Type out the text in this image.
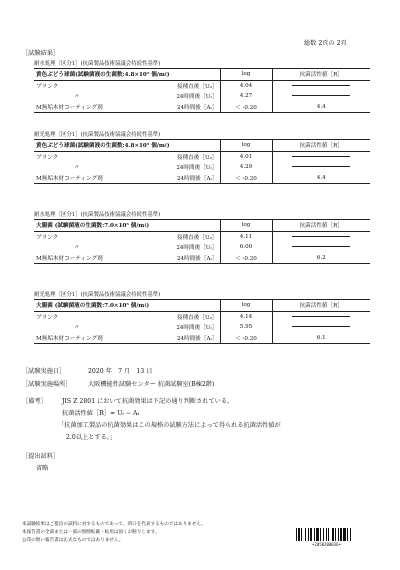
総数 2頁の 2頁
［試験結果］
耐水処理［区分1］(抗菌製品技術協議会持続性基準)
黄色ぶどう球菌(試験菌液の生菌数:4.8×10⁵ 個/mℓ)		log	抗菌活性値［R］
ブランク	接種直後［U₀］	4.04	
〃	24時間後［Uₜ］	4.27	
M無垢木材コーティング剤	24時間後［Aₜ］	＜ -0.20	4.4
耐光処理［区分1］(抗菌製品技術協議会持続性基準)
黄色ぶどう球菌(試験菌液の生菌数:4.8×10⁵ 個/mℓ)		log	抗菌活性値［R］
ブランク	接種直後［U₀］	4.01	
〃	24時間後［Uₜ］	4.29	
M無垢木材コーティング剤	24時間後［Aₜ］	＜ -0.20	4.4
耐水処理［区分1］(抗菌製品技術協議会持続性基準)
大腸菌 (試験菌液の生菌数:7.0×10⁵ 個/mℓ)		log	抗菌活性値［R］
ブランク	接種直後［U₀］	4.11	
〃	24時間後［Uₜ］	6.00	
M無垢木材コーティング剤	24時間後［Aₜ］	＜ -0.20	6.2
耐光処理［区分1］(抗菌製品技術協議会持続性基準)
大腸菌 (試験菌液の生菌数:7.0×10⁵ 個/mℓ)		log	抗菌活性値［R］
ブランク	接種直後［U₀］	4.14	
〃	24時間後［Uₜ］	5.95	
M無垢木材コーティング剤	24時間後［Aₜ］	＜ -0.20	6.1
［試験実施日］	2020 年　7 月　13 日
［試験実施場所］	大阪機能性試験センター 抗菌試験室(B棟2階)
［備考］ JIS Z 2801 において抗菌効果は下記の通り判断されている。
抗菌活性値［R］= Uₜ − Aₜ
「抗菌加工製品の抗菌効果はこの規格の試験方法によって得られる抗菌活性値が
2.0以上とする。」
［提出試料］
省略
本試験結果はご提出の試料に対するものであって、荷口を代表するものではありません。
本報告書の全部または一部の無断転載・転用は固くお断りします。
公印の無い報告書は正式なものではありません。
•2050200036•
